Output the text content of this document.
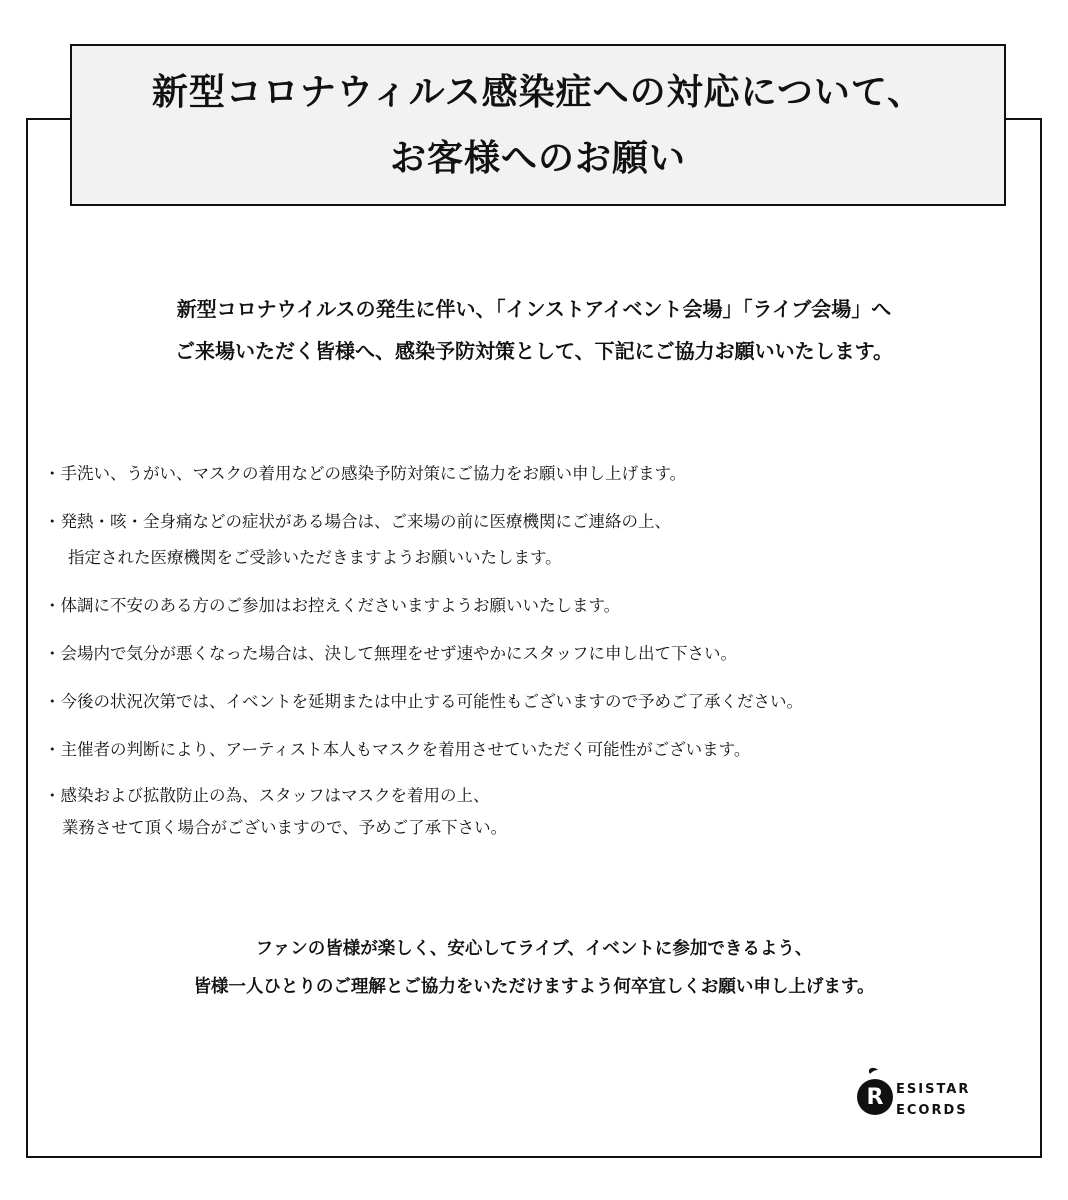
新型コロナウィルス感染症への対応について、
お客様へのお願い
新型コロナウイルスの発生に伴い、「インストアイベント会場」「ライブ会場」へ
ご来場いただく皆様へ、感染予防対策として、下記にご協力お願いいたします。
・手洗い、うがい、マスクの着用などの感染予防対策にご協力をお願い申し上げます。
・発熱・咳・全身痛などの症状がある場合は、ご来場の前に医療機関にご連絡の上、
指定された医療機関をご受診いただきますようお願いいたします。
・体調に不安のある方のご参加はお控えくださいますようお願いいたします。
・会場内で気分が悪くなった場合は、決して無理をせず速やかにスタッフに申し出て下さい。
・今後の状況次第では、イベントを延期または中止する可能性もございますので予めご了承ください。
・主催者の判断により、アーティスト本人もマスクを着用させていただく可能性がございます。
・感染および拡散防止の為、スタッフはマスクを着用の上、
業務させて頂く場合がございますので、予めご了承下さい。
ファンの皆様が楽しく、安心してライブ、イベントに参加できるよう、
皆様一人ひとりのご理解とご協力をいただけますよう何卒宜しくお願い申し上げます。
R ESISTAR
ECORDS
